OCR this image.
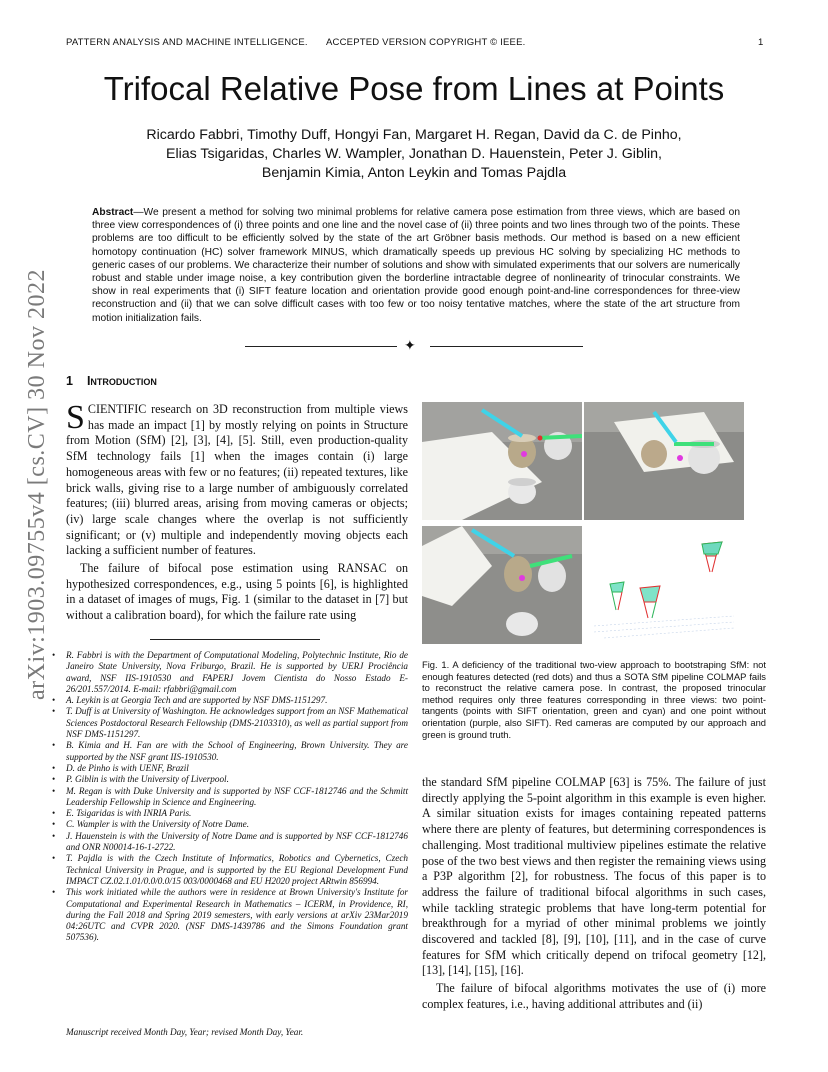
PATTERN ANALYSIS AND MACHINE INTELLIGENCE. ACCEPTED VERSION COPYRIGHT © IEEE.	1
Trifocal Relative Pose from Lines at Points
Ricardo Fabbri, Timothy Duff, Hongyi Fan, Margaret H. Regan, David da C. de Pinho,
Elias Tsigaridas, Charles W. Wampler, Jonathan D. Hauenstein, Peter J. Giblin,
Benjamin Kimia, Anton Leykin and Tomas Pajdla
Abstract—We present a method for solving two minimal problems for relative camera pose estimation from three views, which are based on three view correspondences of (i) three points and one line and the novel case of (ii) three points and two lines through two of the points. These problems are too difficult to be efficiently solved by the state of the art Gröbner basis methods. Our method is based on a new efficient homotopy continuation (HC) solver framework MINUS, which dramatically speeds up previous HC solving by specializing HC methods to generic cases of our problems. We characterize their number of solutions and show with simulated experiments that our solvers are numerically robust and stable under image noise, a key contribution given the borderline intractable degree of nonlinearity of trinocular constraints. We show in real experiments that (i) SIFT feature location and orientation provide good enough point-and-line correspondences for three-view reconstruction and (ii) that we can solve difficult cases with too few or too noisy tentative matches, where the state of the art structure from motion initialization fails.
✦
arXiv:1903.09755v4 [cs.CV] 30 Nov 2022 1 Introduction

SCIENTIFIC research on 3D reconstruction from multiple views has made an impact [1] by mostly relying on points in Structure from Motion (SfM) [2], [3], [4], [5]. Still, even production-quality SfM technology fails [1] when the images contain (i) large homogeneous areas with few or no features; (ii) repeated textures, like brick walls, giving rise to a large number of ambiguously correlated features; (iii) blurred areas, arising from moving cameras or objects; (iv) large scale changes where the overlap is not sufficiently significant; or (v) multiple and independently moving objects each lacking a sufficient number of features.

The failure of bifocal pose estimation using RANSAC on hypothesized correspondences, e.g., using 5 points [6], is highlighted in a dataset of images of mugs, Fig. 1 (similar to the dataset in [7] but without a calibration board), for which the failure rate using

• R. Fabbri is with the Department of Computational Modeling, Polytechnic Institute, Rio de Janeiro State University, Nova Friburgo, Brazil. He is supported by UERJ Prociência award, NSF IIS-1910530 and FAPERJ Jovem Cientista do Nosso Estado E-26/201.557/2014. E-mail: rfabbri@gmail.com
• A. Leykin is at Georgia Tech and are supported by NSF DMS-1151297.
• T. Duff is at University of Washington. He acknowledges support from an NSF Mathematical Sciences Postdoctoral Research Fellowship (DMS-2103310), as well as partial support from NSF DMS-1151297.
• B. Kimia and H. Fan are with the School of Engineering, Brown University. They are supported by the NSF grant IIS-1910530.
• D. de Pinho is with UENF, Brazil
• P. Giblin is with the University of Liverpool.
• M. Regan is with Duke University and is supported by NSF CCF-1812746 and the Schmitt Leadership Fellowship in Science and Engineering.
• E. Tsigaridas is with INRIA Paris.
• C. Wampler is with the University of Notre Dame.
• J. Hauenstein is with the University of Notre Dame and is supported by NSF CCF-1812746 and ONR N00014-16-1-2722.
• T. Pajdla is with the Czech Institute of Informatics, Robotics and Cybernetics, Czech Technical University in Prague, and is supported by the EU Regional Development Fund IMPACT CZ.02.1.01/0.0/0.0/15 003/0000468 and EU H2020 project ARtwin 856994.
• This work initiated while the authors were in residence at Brown University's Institute for Computational and Experimental Research in Mathematics – ICERM, in Providence, RI, during the Fall 2018 and Spring 2019 semesters, with early versions at arXiv 23Mar2019 04:26UTC and CVPR 2020. (NSF DMS-1439786 and the Simons Foundation grant 507536).
Manuscript received Month Day, Year; revised Month Day, Year.
Fig. 1. A deficiency of the traditional two-view approach to bootstraping SfM: not enough features detected (red dots) and thus a SOTA SfM pipeline COLMAP fails to reconstruct the relative camera pose. In contrast, the proposed trinocular method requires only three features corresponding in three views: two point-tangents (points with SIFT orientation, green and cyan) and one point without orientation (purple, also SIFT). Red cameras are computed by our approach and green is ground truth.

the standard SfM pipeline COLMAP [63] is 75%. The failure of just directly applying the 5-point algorithm in this example is even higher. A similar situation exists for images containing repeated patterns where there are plenty of features, but determining correspondences is challenging. Most traditional multiview pipelines estimate the relative pose of the two best views and then register the remaining views using a P3P algorithm [2], for robustness. The focus of this paper is to address the failure of traditional bifocal algorithms in such cases, while tackling strategic problems that have long-term potential for breakthrough for a myriad of other minimal problems we jointly discovered and tackled [8], [9], [10], [11], and in the case of curve features for SfM which critically depend on trifocal geometry [12], [13], [14], [15], [16].

The failure of bifocal algorithms motivates the use of (i) more complex features, i.e., having additional attributes and (ii)
